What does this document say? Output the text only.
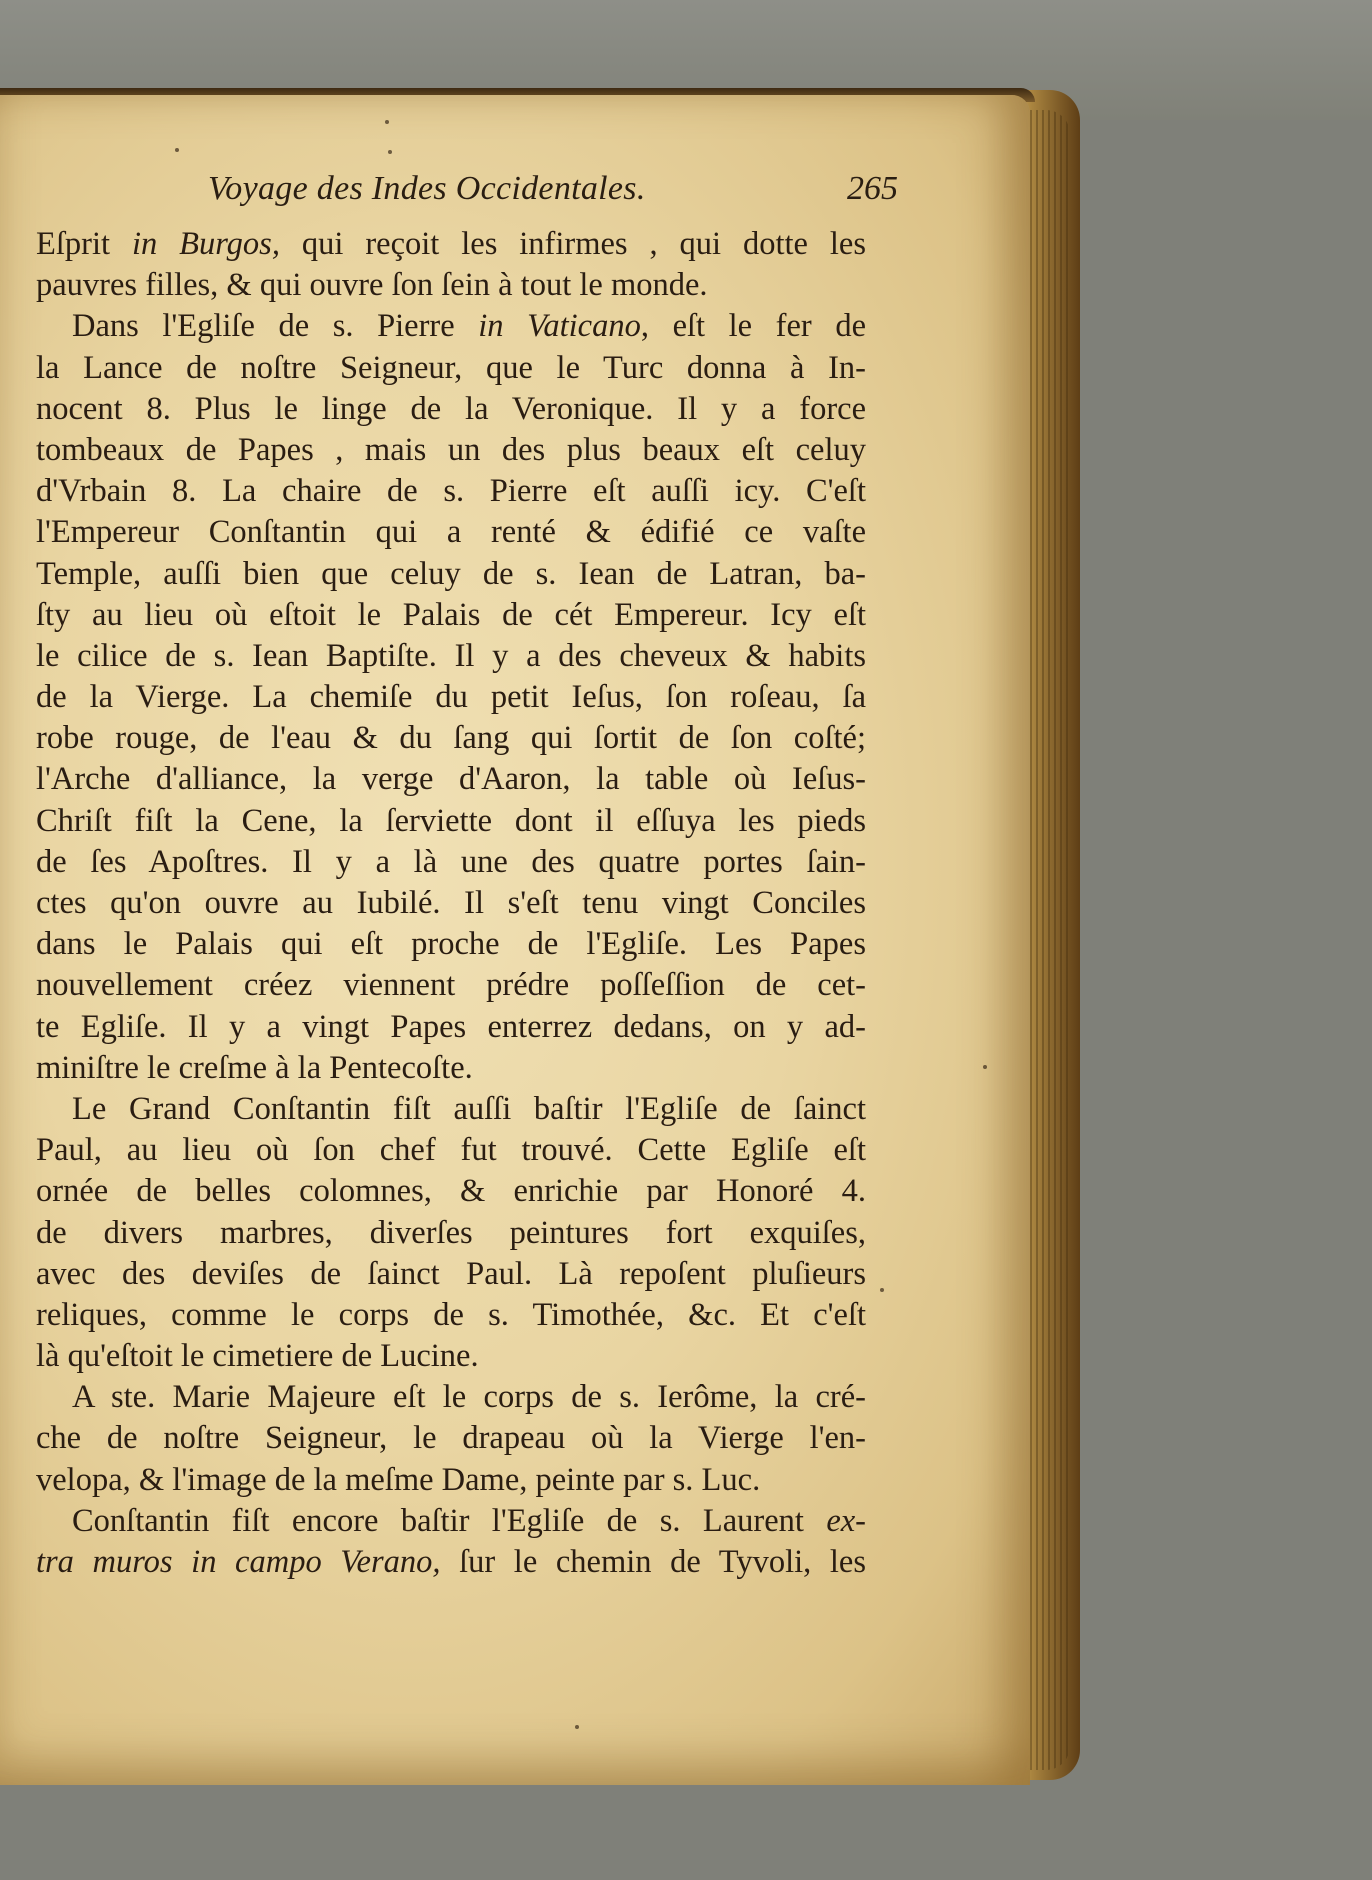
Voyage des Indes Occidentales.	265
Eſprit in Burgos, qui reçoit les infirmes , qui dotte les
pauvres filles, & qui ouvre ſon ſein à tout le monde.
Dans l'Egliſe de s. Pierre in Vaticano, eſt le fer de
la Lance de noſtre Seigneur, que le Turc donna à In-
nocent 8. Plus le linge de la Veronique. Il y a force
tombeaux de Papes , mais un des plus beaux eſt celuy
d'Vrbain 8. La chaire de s. Pierre eſt auſſi icy. C'eſt
l'Empereur Conſtantin qui a renté & édifié ce vaſte
Temple, auſſi bien que celuy de s. Iean de Latran, ba-
ſty au lieu où eſtoit le Palais de cét Empereur. Icy eſt
le cilice de s. Iean Baptiſte. Il y a des cheveux & habits
de la Vierge. La chemiſe du petit Ieſus, ſon roſeau, ſa
robe rouge, de l'eau & du ſang qui ſortit de ſon coſté;
l'Arche d'alliance, la verge d'Aaron, la table où Ieſus-
Chriſt fiſt la Cene, la ſerviette dont il eſſuya les pieds
de ſes Apoſtres. Il y a là une des quatre portes ſain-
ctes qu'on ouvre au Iubilé. Il s'eſt tenu vingt Conciles
dans le Palais qui eſt proche de l'Egliſe. Les Papes
nouvellement créez viennent prédre poſſeſſion de cet-
te Egliſe. Il y a vingt Papes enterrez dedans, on y ad-
miniſtre le creſme à la Pentecoſte.
Le Grand Conſtantin fiſt auſſi baſtir l'Egliſe de ſainct
Paul, au lieu où ſon chef fut trouvé. Cette Egliſe eſt
ornée de belles colomnes, & enrichie par Honoré 4.
de divers marbres, diverſes peintures fort exquiſes,
avec des deviſes de ſainct Paul. Là repoſent pluſieurs
reliques, comme le corps de s. Timothée, &c. Et c'eſt
là qu'eſtoit le cimetiere de Lucine.
A ste. Marie Majeure eſt le corps de s. Ierôme, la cré-
che de noſtre Seigneur, le drapeau où la Vierge l'en-
velopa, & l'image de la meſme Dame, peinte par s. Luc.
Conſtantin fiſt encore baſtir l'Egliſe de s. Laurent ex-
tra muros in campo Verano, ſur le chemin de Tyvoli, les
